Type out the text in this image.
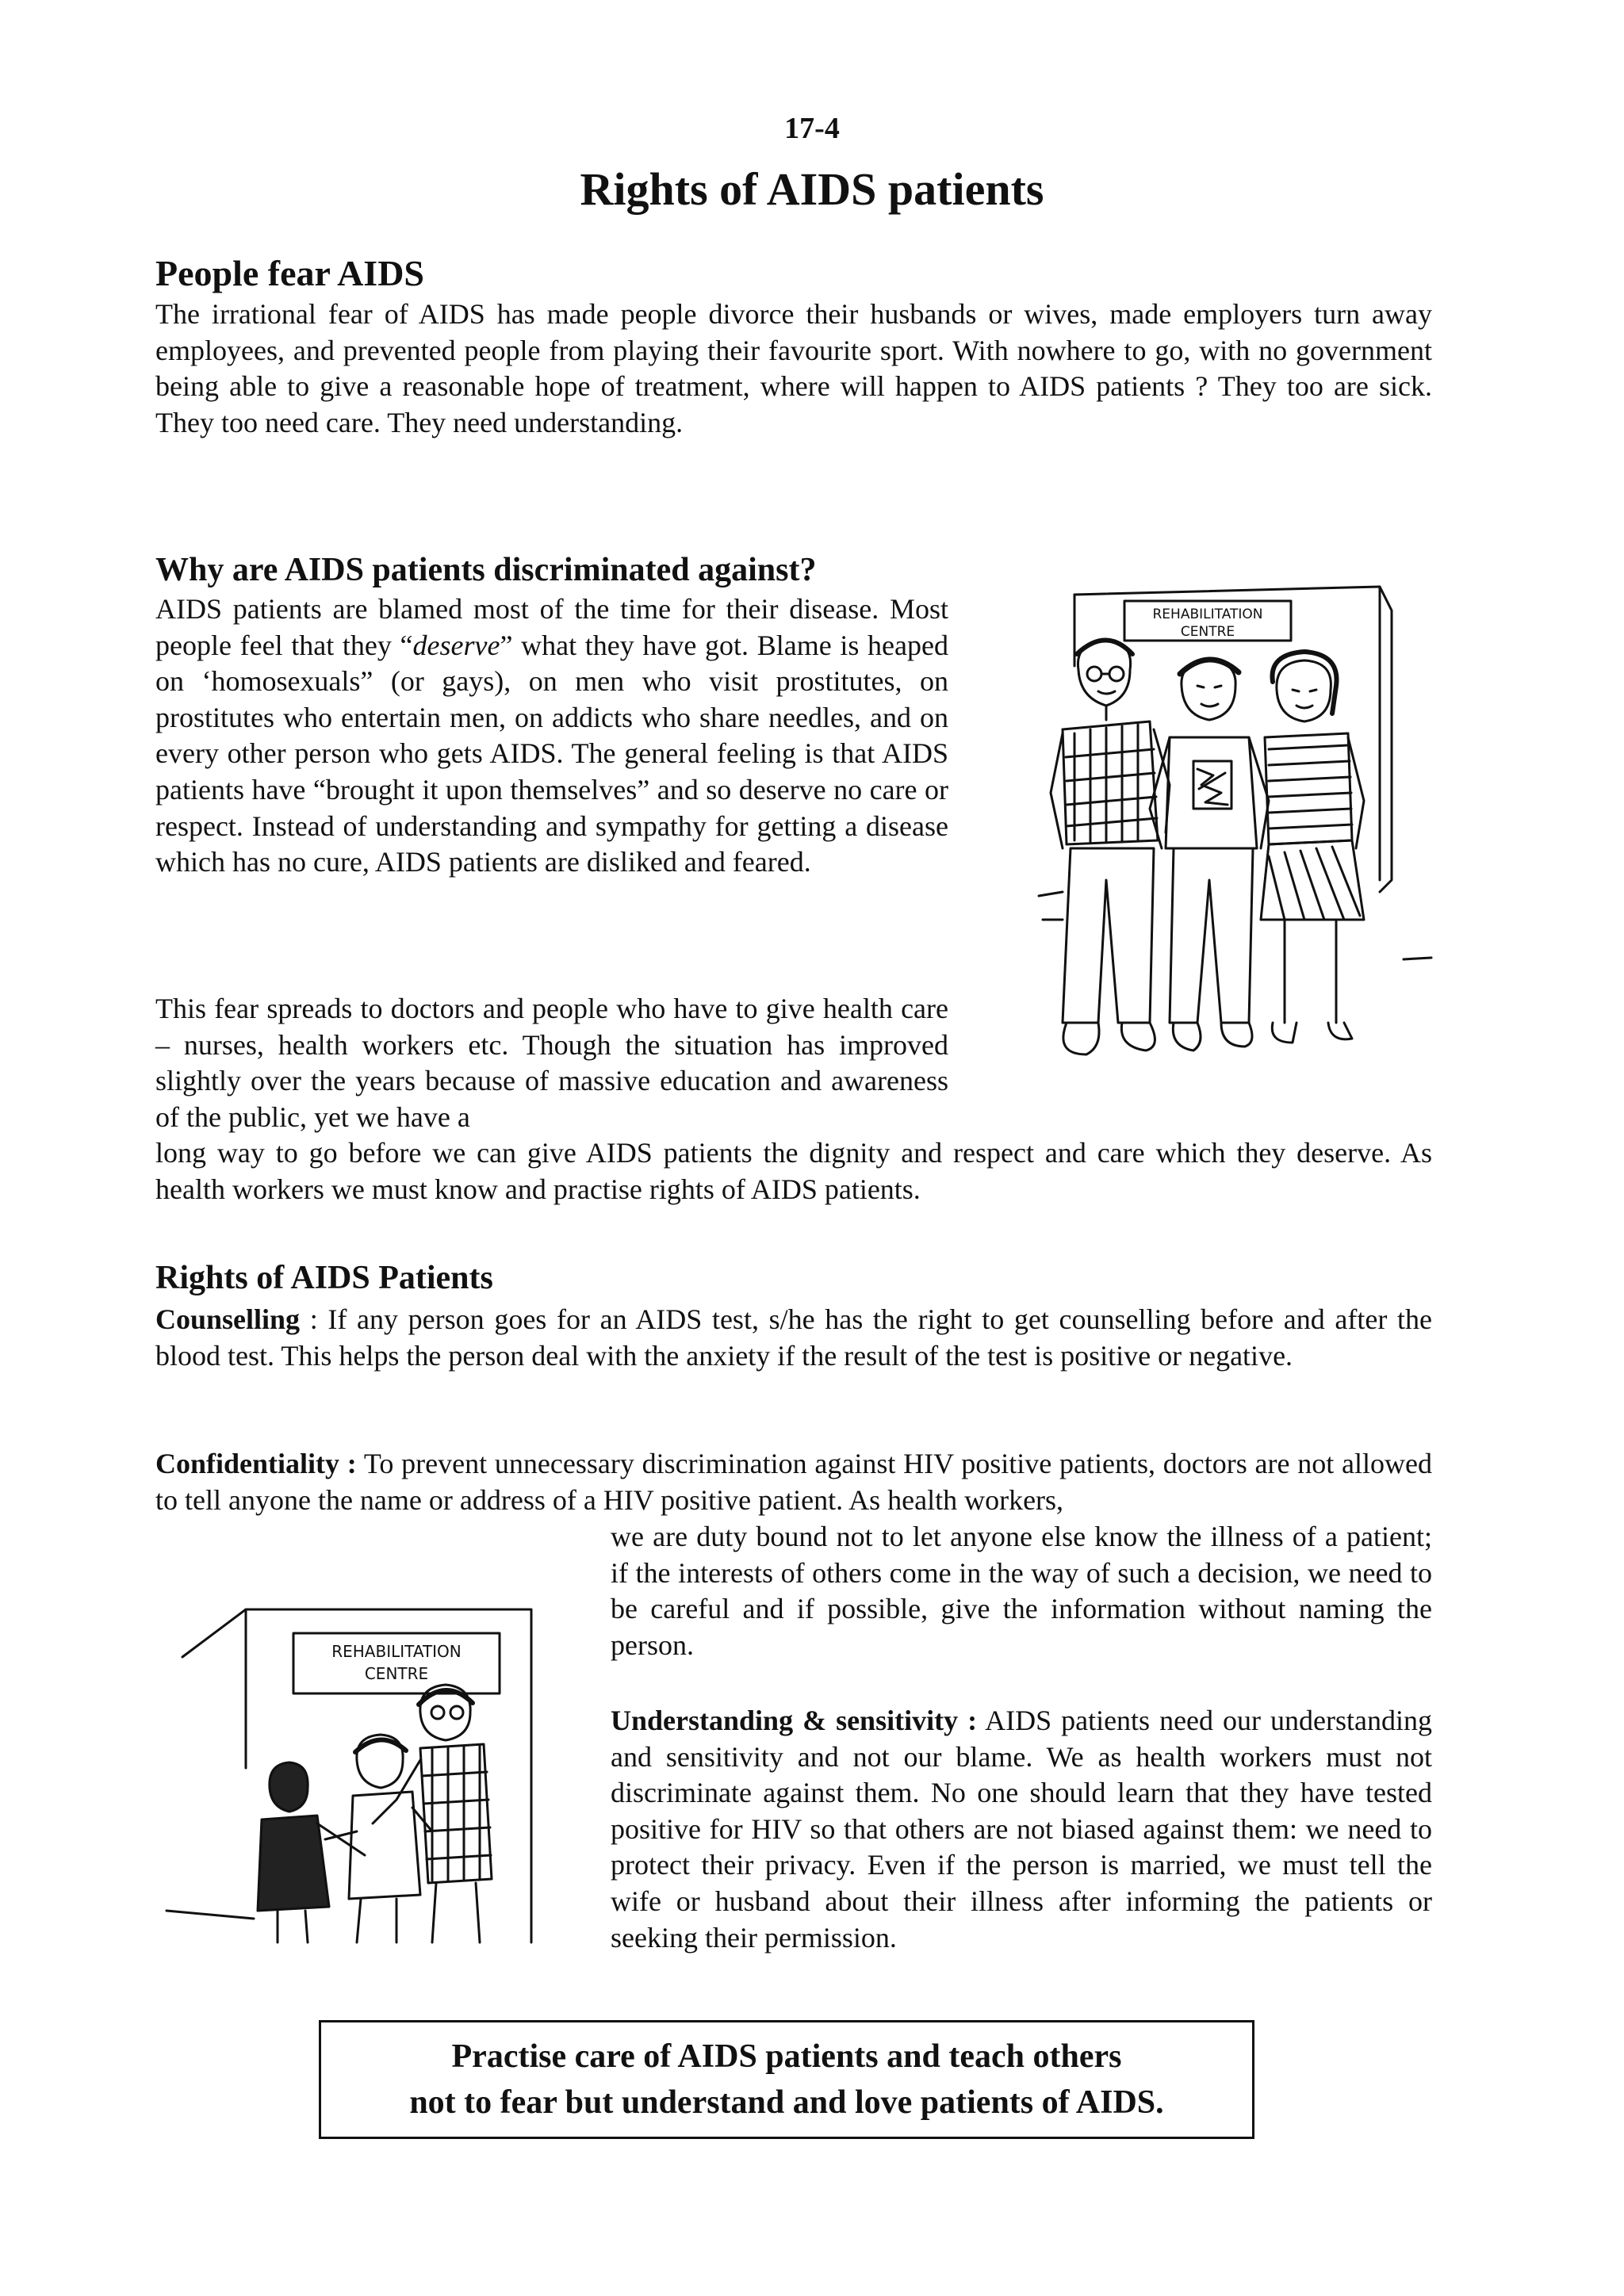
17-4
Rights of AIDS patients
People fear AIDS

The irrational fear of AIDS has made people divorce their husbands or wives, made employers turn away employees, and prevented people from playing their favourite sport. With nowhere to go, with no government being able to give a reasonable hope of treatment, where will happen to AIDS patients ? They too are sick. They too need care. They need understanding.

Why are AIDS patients discriminated against?

AIDS patients are blamed most of the time for their disease. Most people feel that they “deserve” what they have got. Blame is heaped on ‘homosexuals” (or gays), on men who visit prostitutes, on prostitutes who entertain men, on addicts who share needles, and on every other person who gets AIDS. The general feeling is that AIDS patients have “brought it upon themselves” and so deserve no care or respect. Instead of understanding and sympathy for getting a disease which has no cure, AIDS patients are disliked and feared.

This fear spreads to doctors and people who have to give health care – nurses, health workers etc. Though the situation has improved slightly over the years because of massive education and awareness of the public, yet we have a

long way to go before we can give AIDS patients the dignity and respect and care which they deserve. As health workers we must know and practise rights of AIDS patients.

REHABILITATION
CENTRE
Rights of AIDS Patients

Counselling : If any person goes for an AIDS test, s/he has the right to get counselling before and after the blood test. This helps the person deal with the anxiety if the result of the test is positive or negative.

Confidentiality : To prevent unnecessary discrimination against HIV positive patients, doctors are not allowed to tell anyone the name or address of a HIV positive patient. As health workers,

we are duty bound not to let anyone else know the illness of a patient; if the interests of others come in the way of such a decision, we need to be careful and if possible, give the information without naming the person.

Understanding & sensitivity : AIDS patients need our understanding and sensitivity and not our blame. We as health workers must not discriminate against them. No one should learn that they have tested positive for HIV so that others are not biased against them: we need to protect their privacy. Even if the person is married, we must tell the wife or husband about their illness after informing the patients or seeking their permission.

REHABILITATION
CENTRE
Practise care of AIDS patients and teach others
not to fear but understand and love patients of AIDS.
